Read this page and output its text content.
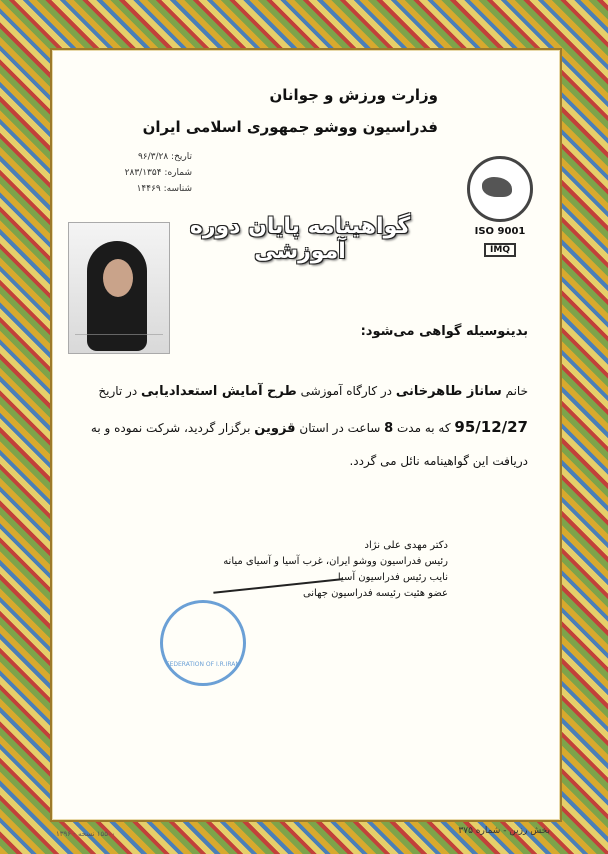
وزارت ورزش و جوانان
فدراسیون ووشو جمهوری اسلامی ایران
تاریخ: ۹۶/۳/۲۸
شماره: ۲۸۳/۱۳۵۴
شناسه: ۱۴۴۶۹
ISO 9001
IMQ
گواهینامه پایان دوره آموزشی
بدینوسیله گواهی می‌شود:
خانم ساناز طاهرخانی در کارگاه آموزشی طرح آمایش استعدادیابی در تاریخ
95/12/27 که به مدت 8 ساعت در استان قزوین برگزار گردید، شرکت نموده و به
دریافت این گواهینامه نائل می گردد.
دکتر مهدی علی نژاد
رئیس فدراسیون ووشو ایران، غرب آسیا و آسیای میانه
نایب رئیس فدراسیون آسیا
عضو هئیت رئیسه فدراسیون جهانی
FEDERATION OF I.R.IRAN
۱۵۵۰۰ نسخه - ۱۳۹۶	بخش رزین - شماره ۳۷۵
